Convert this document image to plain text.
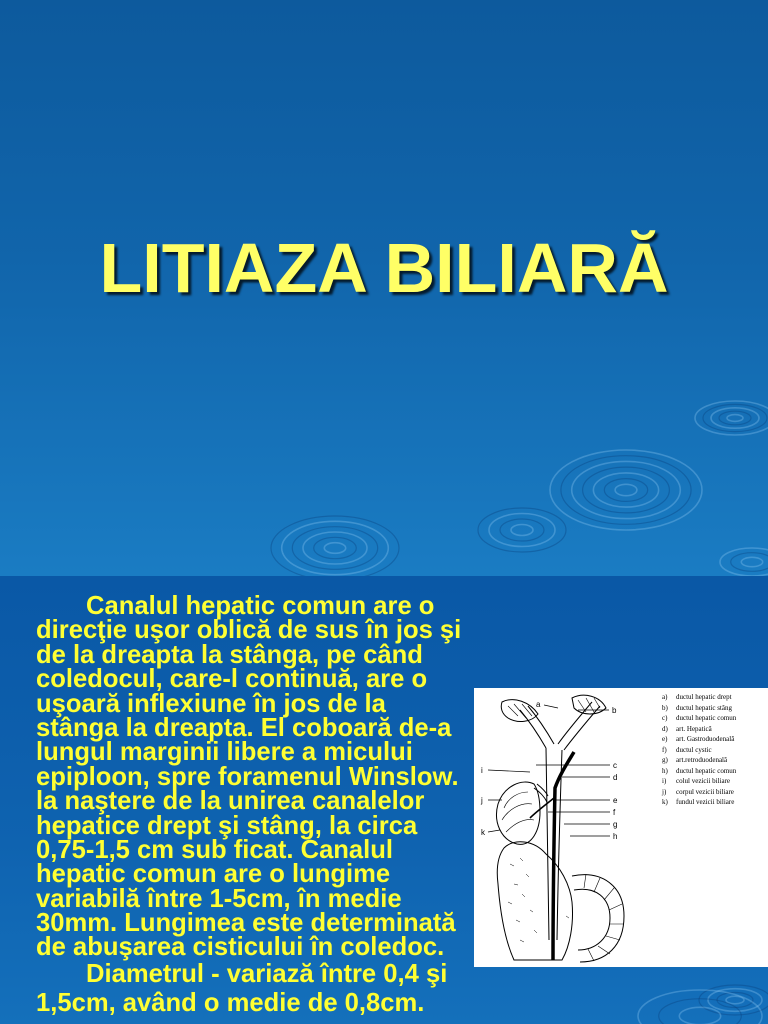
LITIAZA BILIARĂ
Canalul hepatic comun are o
direcţie uşor oblică de sus în jos şi
de la dreapta la stânga, pe când
coledocul, care-l continuă, are o
uşoară inflexiune în jos de la
stânga la dreapta. El coboară de-a
lungul marginii libere a micului
epiploon, spre foramenul Winslow.
la naştere de la unirea canalelor
hepatice drept şi stâng, la circa
0,75-1,5 cm sub ficat. Canalul
hepatic comun are o lungime
variabilă între 1-5cm, în medie
30mm. Lungimea este determinată
de abuşarea cisticului în coledoc.
Diametrul - variază între 0,4 şi
1,5cm, având o medie de 0,8cm.
a
b
c
d
e
f
g
h
i
j
k
a) ductul hepatic drept
b) ductul hepatic stâng
c) ductul hepatic comun
d) art. Hepatică
e) art. Gastroduodenală
f) ductul cystic
g) art.retroduodenală
h) ductul hepatic comun
i) colul vezicii biliare
j) corpul vezicii biliare
k) fundul vezicii biliare
